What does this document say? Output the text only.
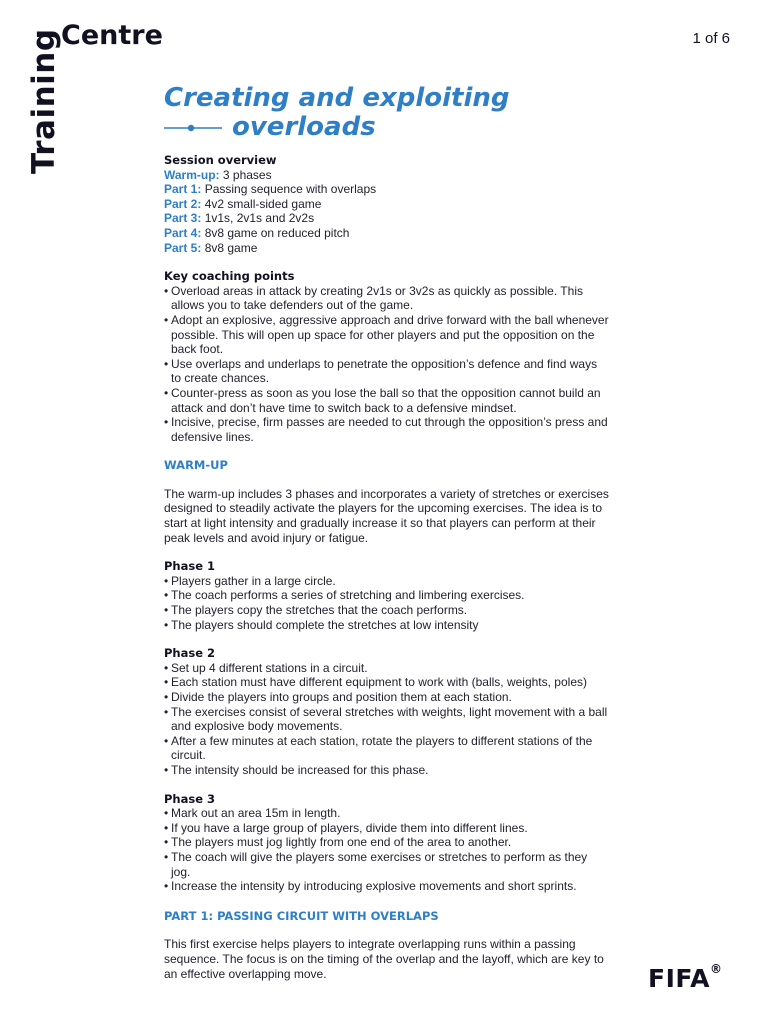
Training Centre	1 of 6
Creating and exploiting
overloads
Session overview
Warm-up: 3 phases
Part 1: Passing sequence with overlaps
Part 2: 4v2 small-sided game
Part 3: 1v1s, 2v1s and 2v2s
Part 4: 8v8 game on reduced pitch
Part 5: 8v8 game
Key coaching points
• Overload areas in attack by creating 2v1s or 3v2s as quickly as possible. This allows you to take defenders out of the game.
• Adopt an explosive, aggressive approach and drive forward with the ball whenever possible. This will open up space for other players and put the opposition on the back foot.
• Use overlaps and underlaps to penetrate the opposition’s defence and find ways to create chances.
• Counter-press as soon as you lose the ball so that the opposition cannot build an attack and don’t have time to switch back to a defensive mindset.
• Incisive, precise, firm passes are needed to cut through the opposition’s press and defensive lines.
WARM-UP

The warm-up includes 3 phases and incorporates a variety of stretches or exercises designed to steadily activate the players for the upcoming exercises. The idea is to start at light intensity and gradually increase it so that players can perform at their peak levels and avoid injury or fatigue.

Phase 1
• Players gather in a large circle.
• The coach performs a series of stretching and limbering exercises.
• The players copy the stretches that the coach performs.
• The players should complete the stretches at low intensity
Phase 2
• Set up 4 different stations in a circuit.
• Each station must have different equipment to work with (balls, weights, poles)
• Divide the players into groups and position them at each station.
• The exercises consist of several stretches with weights, light movement with a ball and explosive body movements.
• After a few minutes at each station, rotate the players to different stations of the circuit.
• The intensity should be increased for this phase.
Phase 3
• Mark out an area 15m in length.
• If you have a large group of players, divide them into different lines.
• The players must jog lightly from one end of the area to another.
• The coach will give the players some exercises or stretches to perform as they jog.
• Increase the intensity by introducing explosive movements and short sprints.
PART 1: PASSING CIRCUIT WITH OVERLAPS

This first exercise helps players to integrate overlapping runs within a passing sequence. The focus is on the timing of the overlap and the layoff, which are key to an effective overlapping move.	FIFA®
